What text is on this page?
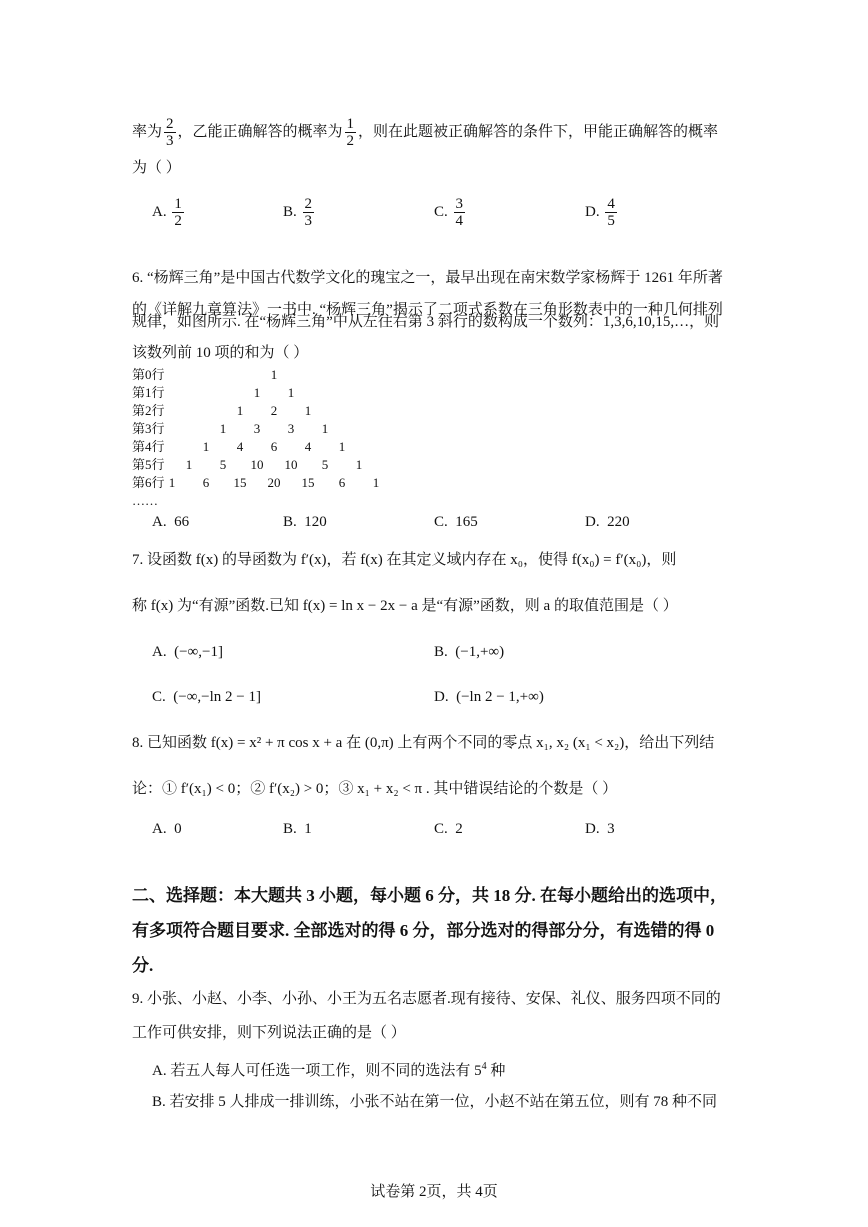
率为 $\frac{2}{3}$ ，乙能正确解答的概率为 $\frac{1}{2}$ ，则在此题被正确解答的条件下，甲能正确解答的概率
为（ ）
A. $\frac{1}{2}$	B. $\frac{2}{3}$	C. $\frac{3}{4}$	D. $\frac{4}{5}$
6. “杨辉三角”是中国古代数学文化的瑰宝之一，最早出现在南宋数学家杨辉于 1261 年所著
的《详解九章算法》一书中. “杨辉三角”揭示了二项式系数在三角形数表中的一种几何排列
规律，如图所示. 在“杨辉三角”中从左往右第 3 斜行的数构成一个数列：1,3,6,10,15,…，则
该数列前 10 项的和为（ ）
第0行	1
第1行	1	1
第2行	1	2	1
第3行	1	3	3	1
第4行	1	4	6	4	1
第5行	1	5	10 10	5	1
第6行 1	6	15 20 15	6	1
……
A. 66	B. 120	C. 165	D. 220
7. 设函数 f(x) 的导函数为 f′(x)，若 f(x) 在其定义域内存在 x₀，使得 f(x₀) = f′(x₀)，则
称 f(x) 为“有源”函数.已知 f(x) = ln x − 2x − a 是“有源”函数，则 a 的取值范围是（ ）
A. (−∞,−1]	B. (−1,+∞)
C. (−∞,−ln 2 − 1]	D. (−ln 2 − 1,+∞)
8. 已知函数 f(x) = x² + π cos x + a 在 (0,π) 上有两个不同的零点 x₁, x₂ (x₁ < x₂)，给出下列结
论：① f′(x₁) < 0；② f′(x₂) > 0；③ x₁ + x₂ < π . 其中错误结论的个数是（ ）
A. 0	B. 1	C. 2	D. 3
二、选择题：本大题共 3 小题，每小题 6 分，共 18 分. 在每小题给出的选项中，
有多项符合题目要求. 全部选对的得 6 分，部分选对的得部分分，有选错的得 0
分.
9. 小张、小赵、小李、小孙、小王为五名志愿者.现有接待、安保、礼仪、服务四项不同的
工作可供安排，则下列说法正确的是（ ）
A. 若五人每人可任选一项工作，则不同的选法有 $5^4$ 种
B. 若安排 5 人排成一排训练，小张不站在第一位，小赵不站在第五位，则有 78 种不同
试卷第 2页，共 4页
